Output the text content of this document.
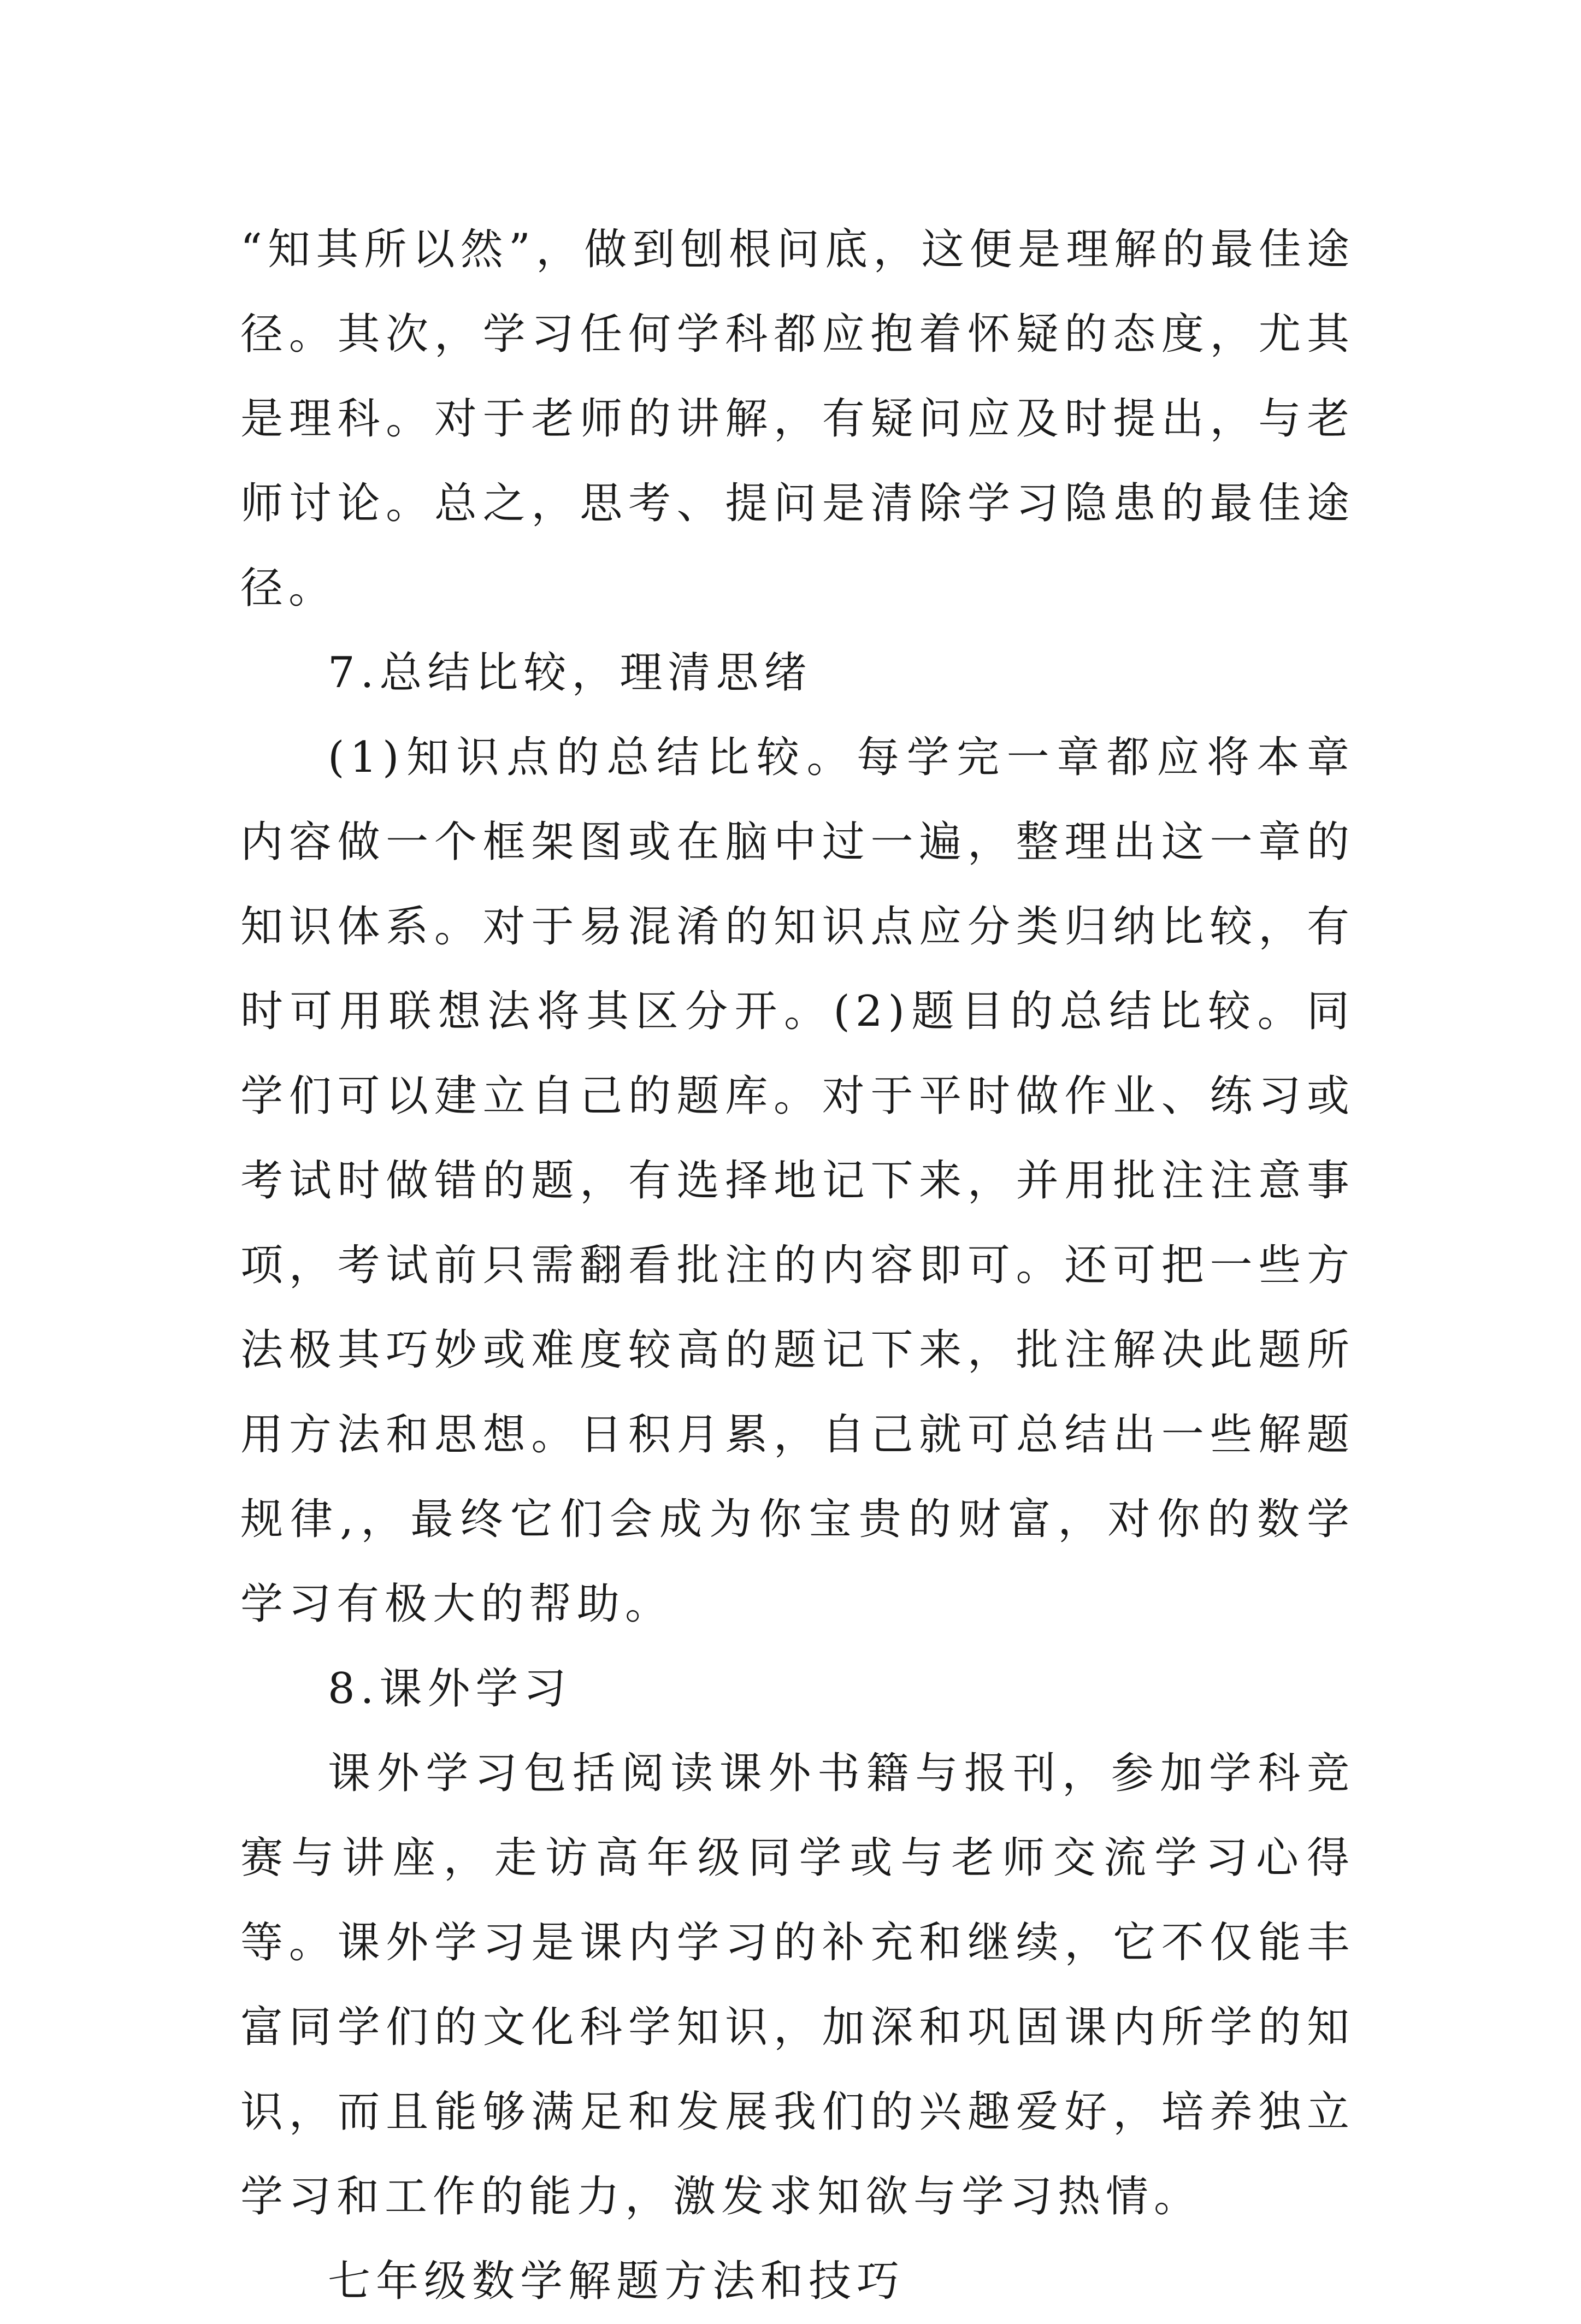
“知其所以然”，做到刨根问底，这便是理解的最佳途径。其次，学习任何学科都应抱着怀疑的态度，尤其是理科。对于老师的讲解，有疑问应及时提出，与老师讨论。总之，思考、提问是清除学习隐患的最佳途径。

7.总结比较，理清思绪

(1)知识点的总结比较。每学完一章都应将本章内容做一个框架图或在脑中过一遍，整理出这一章的知识体系。对于易混淆的知识点应分类归纳比较，有时可用联想法将其区分开。(2)题目的总结比较。同学们可以建立自己的题库。对于平时做作业、练习或考试时做错的题，有选择地记下来，并用批注注意事项，考试前只需翻看批注的内容即可。还可把一些方法极其巧妙或难度较高的题记下来，批注解决此题所用方法和思想。日积月累，自己就可总结出一些解题规律,，最终它们会成为你宝贵的财富，对你的数学学习有极大的帮助。

8.课外学习

课外学习包括阅读课外书籍与报刊，参加学科竞赛与讲座，走访高年级同学或与老师交流学习心得等。课外学习是课内学习的补充和继续，它不仅能丰富同学们的文化科学知识，加深和巩固课内所学的知识，而且能够满足和发展我们的兴趣爱好，培养独立学习和工作的能力，激发求知欲与学习热情。

七年级数学解题方法和技巧
